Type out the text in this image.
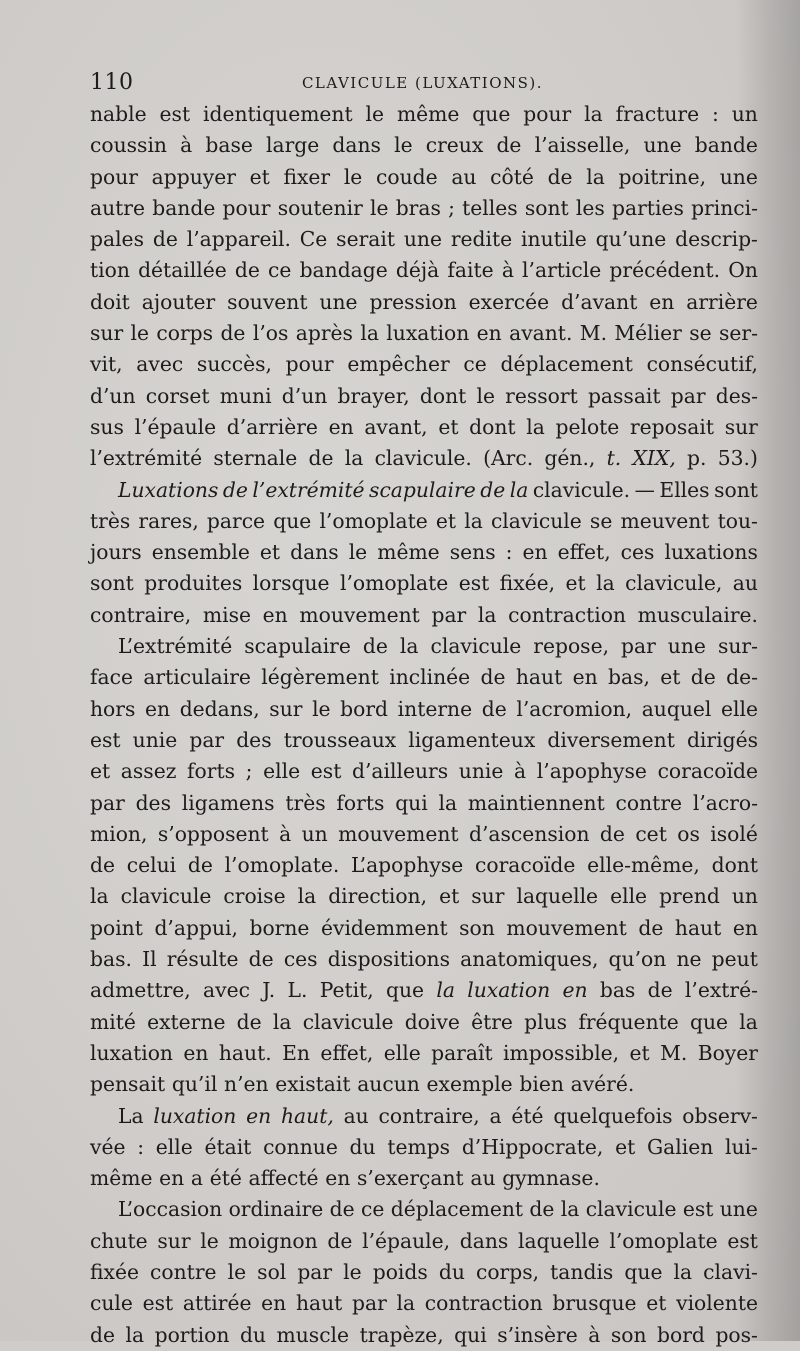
110	CLAVICULE (LUXATIONS).
nable est identiquement le même que pour la fracture : un
coussin à base large dans le creux de l’aisselle, une bande
pour appuyer et fixer le coude au côté de la poitrine, une
autre bande pour soutenir le bras ; telles sont les parties princi-
pales de l’appareil. Ce serait une redite inutile qu’une descrip-
tion détaillée de ce bandage déjà faite à l’article précédent. On
doit ajouter souvent une pression exercée d’avant en arrière
sur le corps de l’os après la luxation en avant. M. Mélier se ser-
vit, avec succès, pour empêcher ce déplacement consécutif,
d’un corset muni d’un brayer, dont le ressort passait par des-
sus l’épaule d’arrière en avant, et dont la pelote reposait sur
l’extrémité sternale de la clavicule. (Arc. gén., t. XIX, p. 53.)
Luxations de l’extrémité scapulaire de la clavicule. — Elles sont
très rares, parce que l’omoplate et la clavicule se meuvent tou-
jours ensemble et dans le même sens : en effet, ces luxations
sont produites lorsque l’omoplate est fixée, et la clavicule, au
contraire, mise en mouvement par la contraction musculaire.
L’extrémité scapulaire de la clavicule repose, par une sur-
face articulaire légèrement inclinée de haut en bas, et de de-
hors en dedans, sur le bord interne de l’acromion, auquel elle
est unie par des trousseaux ligamenteux diversement dirigés
et assez forts ; elle est d’ailleurs unie à l’apophyse coracoïde
par des ligamens très forts qui la maintiennent contre l’acro-
mion, s’opposent à un mouvement d’ascension de cet os isolé
de celui de l’omoplate. L’apophyse coracoïde elle-même, dont
la clavicule croise la direction, et sur laquelle elle prend un
point d’appui, borne évidemment son mouvement de haut en
bas. Il résulte de ces dispositions anatomiques, qu’on ne peut
admettre, avec J. L. Petit, que la luxation en bas de l’extré-
mité externe de la clavicule doive être plus fréquente que la
luxation en haut. En effet, elle paraît impossible, et M. Boyer
pensait qu’il n’en existait aucun exemple bien avéré.
La luxation en haut, au contraire, a été quelquefois observ-
vée : elle était connue du temps d’Hippocrate, et Galien lui-
même en a été affecté en s’exerçant au gymnase.
L’occasion ordinaire de ce déplacement de la clavicule est une
chute sur le moignon de l’épaule, dans laquelle l’omoplate est
fixée contre le sol par le poids du corps, tandis que la clavi-
cule est attirée en haut par la contraction brusque et violente
de la portion du muscle trapèze, qui s’insère à son bord pos-
